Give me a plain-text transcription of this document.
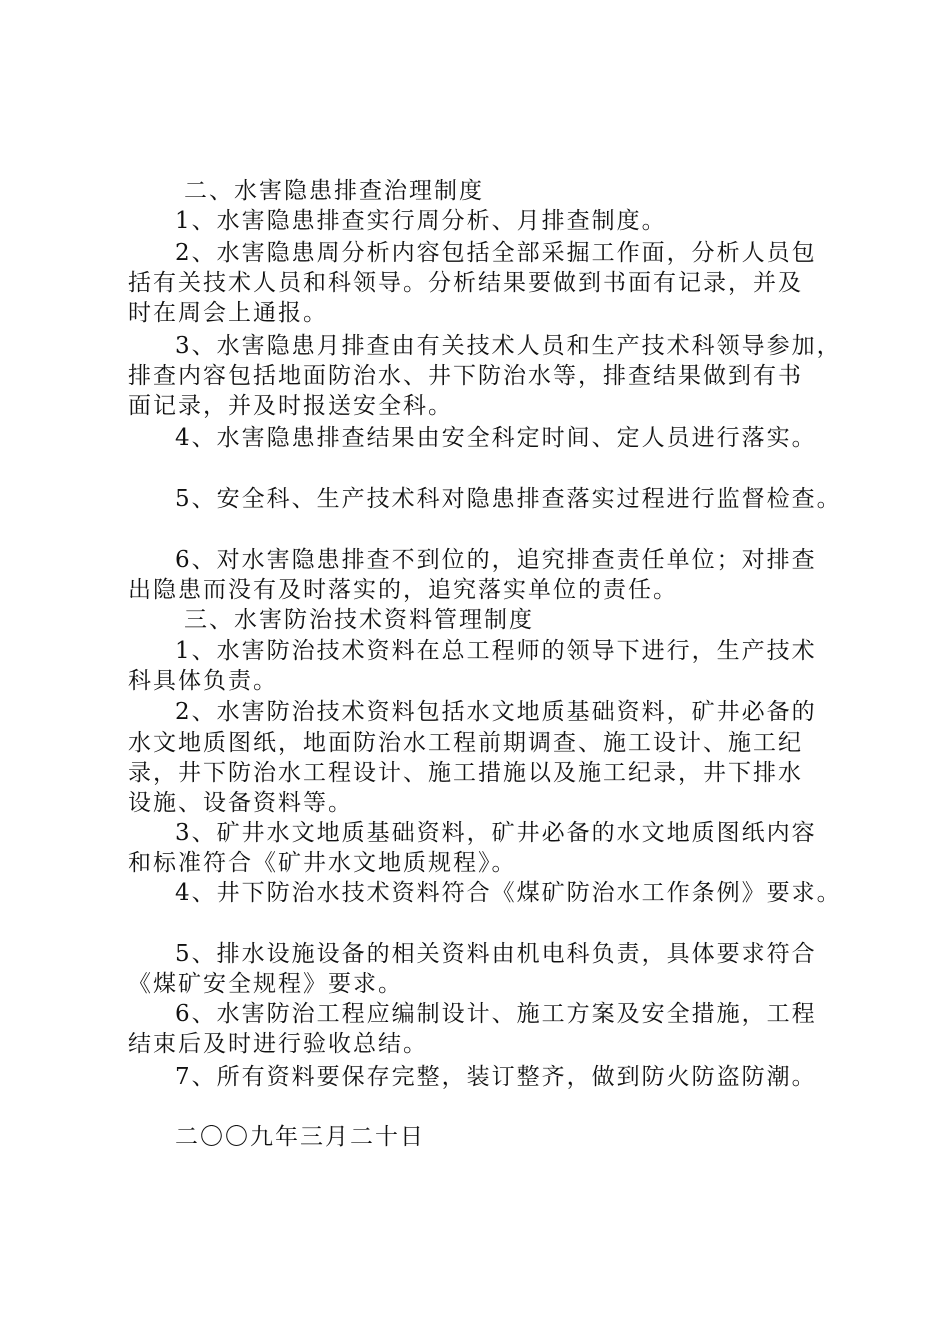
二、水害隐患排查治理制度
1、水害隐患排查实行周分析、月排查制度。
2、水害隐患周分析内容包括全部采掘工作面，分析人员包
括有关技术人员和科领导。分析结果要做到书面有记录，并及
时在周会上通报。
3、水害隐患月排查由有关技术人员和生产技术科领导参加，
排查内容包括地面防治水、井下防治水等，排查结果做到有书
面记录，并及时报送安全科。
4、水害隐患排查结果由安全科定时间、定人员进行落实。
5、安全科、生产技术科对隐患排查落实过程进行监督检查。
6、对水害隐患排查不到位的，追究排查责任单位；对排查
出隐患而没有及时落实的，追究落实单位的责任。
三、水害防治技术资料管理制度
1、水害防治技术资料在总工程师的领导下进行，生产技术
科具体负责。
2、水害防治技术资料包括水文地质基础资料，矿井必备的
水文地质图纸，地面防治水工程前期调查、施工设计、施工纪
录，井下防治水工程设计、施工措施以及施工纪录，井下排水
设施、设备资料等。
3、矿井水文地质基础资料，矿井必备的水文地质图纸内容
和标准符合《矿井水文地质规程》。
4、井下防治水技术资料符合《煤矿防治水工作条例》要求。
5、排水设施设备的相关资料由机电科负责，具体要求符合
《煤矿安全规程》要求。
6、水害防治工程应编制设计、施工方案及安全措施，工程
结束后及时进行验收总结。
7、所有资料要保存完整，装订整齐，做到防火防盗防潮。
二〇〇九年三月二十日
